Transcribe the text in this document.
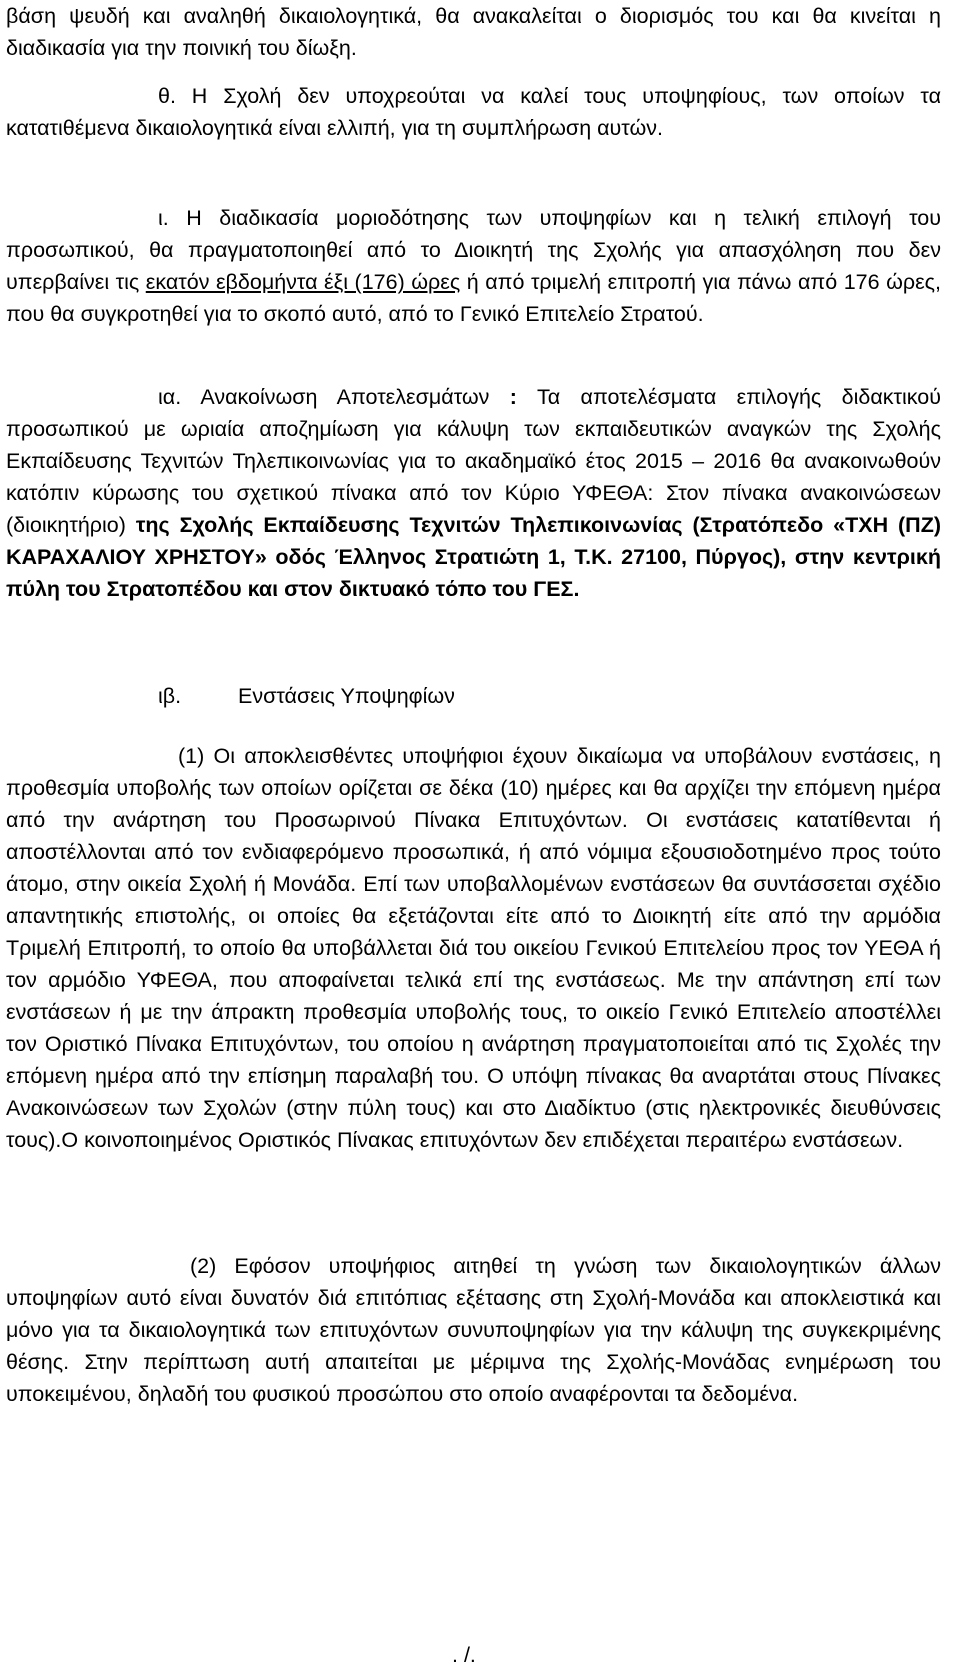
βάση ψευδή και αναληθή δικαιολογητικά, θα ανακαλείται ο διορισμός του και θα κινείται η διαδικασία για την ποινική του δίωξη.

θ. Η Σχολή δεν υποχρεούται να καλεί τους υποψηφίους, των οποίων τα κατατιθέμενα δικαιολογητικά είναι ελλιπή, για τη συμπλήρωση αυτών.

ι. Η διαδικασία μοριοδότησης των υποψηφίων και η τελική επιλογή του προσωπικού, θα πραγματοποιηθεί από το Διοικητή της Σχολής για απασχόληση που δεν υπερβαίνει τις εκατόν εβδομήντα έξι (176) ώρες ή από τριμελή επιτροπή για πάνω από 176 ώρες, που θα συγκροτηθεί για το σκοπό αυτό, από το Γενικό Επιτελείο Στρατού.

ια. Ανακοίνωση Αποτελεσμάτων : Τα αποτελέσματα επιλογής διδακτικού προσωπικού με ωριαία αποζημίωση για κάλυψη των εκπαιδευτικών αναγκών της Σχολής Εκπαίδευσης Τεχνιτών Τηλεπικοινωνίας για το ακαδημαϊκό έτος 2015 – 2016 θα ανακοινωθούν κατόπιν κύρωσης του σχετικού πίνακα από τον Κύριο ΥΦΕΘΑ: Στον πίνακα ανακοινώσεων (διοικητήριο) της Σχολής Εκπαίδευσης Τεχνιτών Τηλεπικοινωνίας (Στρατόπεδο «ΤΧΗ (ΠΖ) ΚΑΡΑΧΑΛΙΟΥ ΧΡΗΣΤΟΥ» οδός Έλληνος Στρατιώτη 1, Τ.Κ. 27100, Πύργος), στην κεντρική πύλη του Στρατοπέδου και στον δικτυακό τόπο του ΓΕΣ.

ιβ.	Ενστάσεις Υποψηφίων

(1) Οι αποκλεισθέντες υποψήφιοι έχουν δικαίωμα να υποβάλουν ενστάσεις, η προθεσμία υποβολής των οποίων ορίζεται σε δέκα (10) ημέρες και θα αρχίζει την επόμενη ημέρα από την ανάρτηση του Προσωρινού Πίνακα Επιτυχόντων. Οι ενστάσεις κατατίθενται ή αποστέλλονται από τον ενδιαφερόμενο προσωπικά, ή από νόμιμα εξουσιοδοτημένο προς τούτο άτομο, στην οικεία Σχολή ή Μονάδα. Επί των υποβαλλομένων ενστάσεων θα συντάσσεται σχέδιο απαντητικής επιστολής, οι οποίες θα εξετάζονται είτε από το Διοικητή είτε από την αρμόδια Τριμελή Επιτροπή, το οποίο θα υποβάλλεται διά του οικείου Γενικού Επιτελείου προς τον ΥΕΘΑ ή τον αρμόδιο ΥΦΕΘΑ, που αποφαίνεται τελικά επί της ενστάσεως. Με την απάντηση επί των ενστάσεων ή με την άπρακτη προθεσμία υποβολής τους, το οικείο Γενικό Επιτελείο αποστέλλει τον Οριστικό Πίνακα Επιτυχόντων, του οποίου η ανάρτηση πραγματοποιείται από τις Σχολές την επόμενη ημέρα από την επίσημη παραλαβή του. Ο υπόψη πίνακας θα αναρτάται στους Πίνακες Ανακοινώσεων των Σχολών (στην πύλη τους) και στο Διαδίκτυο (στις ηλεκτρονικές διευθύνσεις τους).Ο κοινοποιημένος Οριστικός Πίνακας επιτυχόντων δεν επιδέχεται περαιτέρω ενστάσεων.

(2) Εφόσον υποψήφιος αιτηθεί τη γνώση των δικαιολογητικών άλλων υποψηφίων αυτό είναι δυνατόν διά επιτόπιας εξέτασης στη Σχολή-Μονάδα και αποκλειστικά και μόνο για τα δικαιολογητικά των επιτυχόντων συνυποψηφίων για την κάλυψη της συγκεκριμένης θέσης. Στην περίπτωση αυτή απαιτείται με μέριμνα της Σχολής-Μονάδας ενημέρωση του υποκειμένου, δηλαδή του φυσικού προσώπου στο οποίο αναφέρονται τα δεδομένα.

. /.
